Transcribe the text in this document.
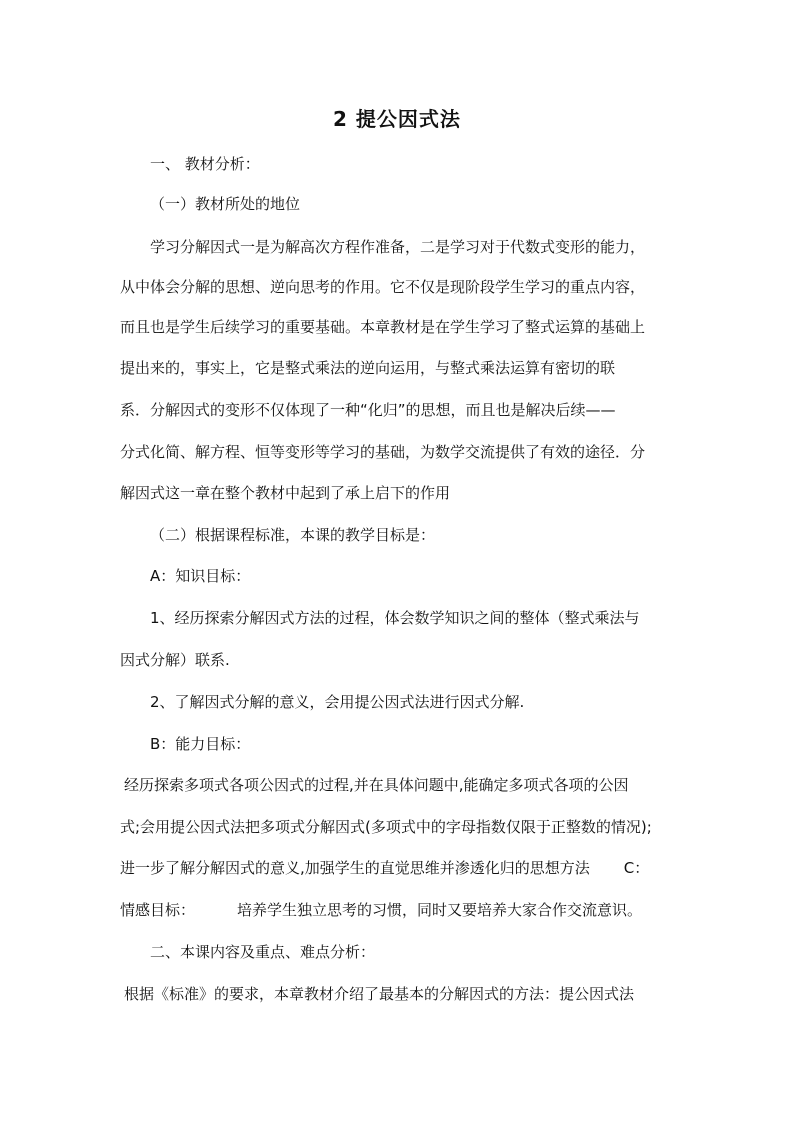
2 提公因式法
一、 教材分析：
（一）教材所处的地位
学习分解因式一是为解高次方程作准备，二是学习对于代数式变形的能力，
从中体会分解的思想、逆向思考的作用。它不仅是现阶段学生学习的重点内容，
而且也是学生后续学习的重要基础。本章教材是在学生学习了整式运算的基础上
提出来的，事实上，它是整式乘法的逆向运用，与整式乘法运算有密切的联
系．分解因式的变形不仅体现了一种“化归”的思想，而且也是解决后续——
分式化简、解方程、恒等变形等学习的基础，为数学交流提供了有效的途径．分
解因式这一章在整个教材中起到了承上启下的作用
（二）根据课程标准，本课的教学目标是：
A：知识目标：
1、经历探索分解因式方法的过程，体会数学知识之间的整体（整式乘法与
因式分解）联系.
2、了解因式分解的意义，会用提公因式法进行因式分解.
B：能力目标：
经历探索多项式各项公因式的过程,并在具体问题中,能确定多项式各项的公因
式;会用提公因式法把多项式分解因式(多项式中的字母指数仅限于正整数的情况);
进一步了解分解因式的意义,加强学生的直觉思维并渗透化归的思想方法 C：
情感目标：	培养学生独立思考的习惯，同时又要培养大家合作交流意识。
二、本课内容及重点、难点分析：
根据《标准》的要求，本章教材介绍了最基本的分解因式的方法：提公因式法
